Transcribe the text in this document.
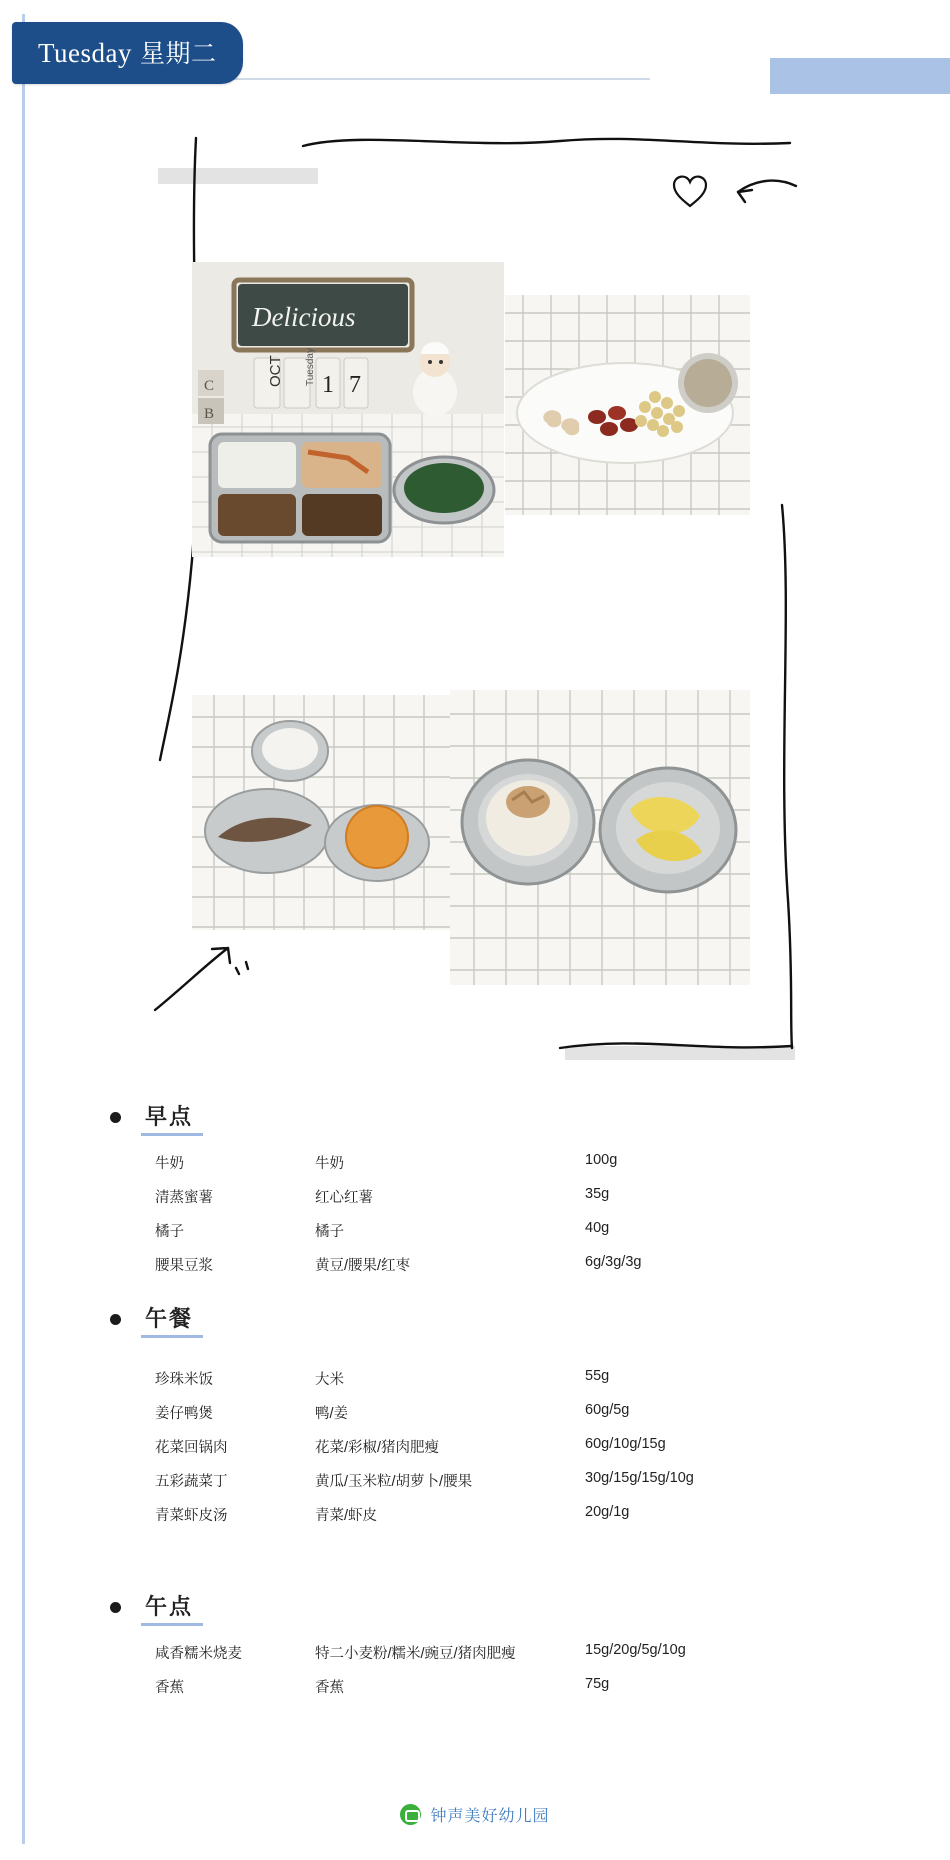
Tuesday 星期二
Delicious
OCT Tuesday 1 7
C
B
早点
牛奶	牛奶	100g
清蒸蜜薯	红心红薯	35g
橘子	橘子	40g
腰果豆浆	黄豆/腰果/红枣	6g/3g/3g
午餐
珍珠米饭	大米	55g
姜仔鸭煲	鸭/姜	60g/5g
花菜回锅肉	花菜/彩椒/猪肉肥瘦	60g/10g/15g
五彩蔬菜丁	黄瓜/玉米粒/胡萝卜/腰果	30g/15g/15g/10g
青菜虾皮汤	青菜/虾皮	20g/1g
午点
咸香糯米烧麦	特二小麦粉/糯米/豌豆/猪肉肥瘦	15g/20g/5g/10g
香蕉	香蕉	75g
钟声美好幼儿园
